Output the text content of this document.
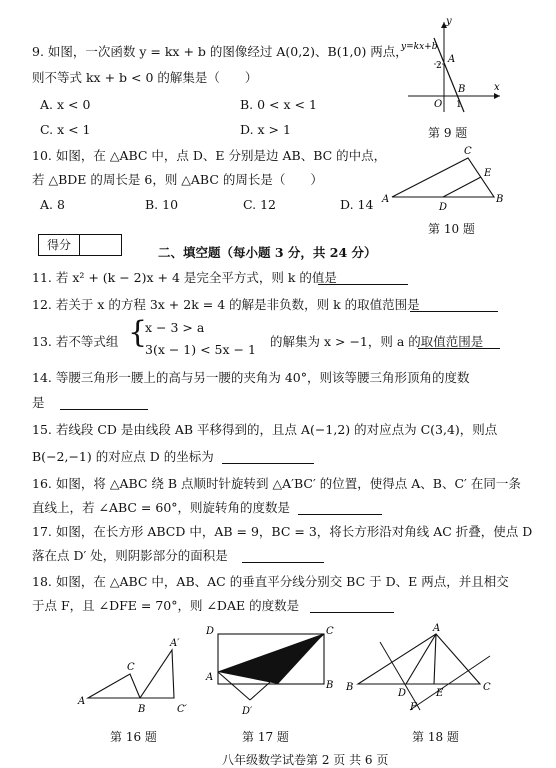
9. 如图，一次函数 y = kx + b 的图像经过 A(0,2)、B(1,0) 两点，
则不等式 kx + b < 0 的解集是（　　）
A. x < 0	B. 0 < x < 1
C. x < 1	D. x > 1
y
x
y=kx+b
A
B
O
2
1
第 9 题
10. 如图，在 △ABC 中，点 D、E 分别是边 AB、BC 的中点，
若 △BDE 的周长是 6，则 △ABC 的周长是（　　）
A. 8	B. 10	C. 12	D. 14 A	B
C
D
E
第 10 题
得分	二、填空题（每小题 3 分，共 24 分）
11. 若 x² + (k − 2)x + 4 是完全平方式，则 k 的值是
12. 若关于 x 的方程 3x + 2k = 4 的解是非负数，则 k 的取值范围是
13. 若不等式组 {
x − 3 > a
3(x − 1) < 5x − 1
的解集为 x > −1，则 a 的取值范围是
14. 等腰三角形一腰上的高与另一腰的夹角为 40°，则该等腰三角形顶角的度数
是
15. 若线段 CD 是由线段 AB 平移得到的，且点 A(−1,2) 的对应点为 C(3,4)，则点
B(−2,−1) 的对应点 D 的坐标为
16. 如图，将 △ABC 绕 B 点顺时针旋转到 △A′BC′ 的位置，使得点 A、B、C′ 在同一条
直线上，若 ∠ABC = 60°，则旋转角的度数是
17. 如图，在长方形 ABCD 中，AB = 9，BC = 3，将长方形沿对角线 AC 折叠，使点 D
落在点 D′ 处，则阴影部分的面积是
18. 如图，在 △ABC 中，AB、AC 的垂直平分线分别交 BC 于 D、E 两点，并且相交
于点 F，且 ∠DFE = 70°，则 ∠DAE 的度数是
A
B
C
A′
C′
第 16 题
D	C
A
B
D′
第 17 题
A
B	C
D	E
F
第 18 题
八年级数学试卷第 2 页 共 6 页
